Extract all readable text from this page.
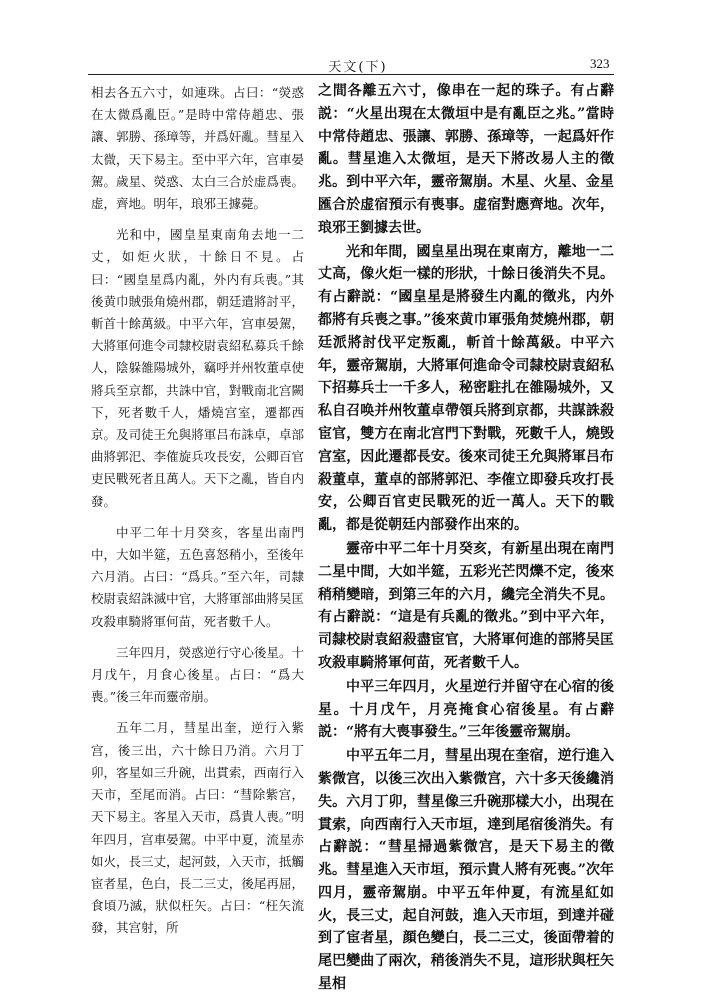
天文(下)	323

相去各五六寸，如連珠。占曰：“熒惑在太微爲亂臣。”是時中常侍趙忠、張讓、郭勝、孫璋等，并爲奸亂。彗星入太微，天下易主。至中平六年，宫車晏駕。歲星、熒惑、太白三合於虚爲喪。虚，齊地。明年，琅邪王據薨。

光和中，國皇星東南角去地一二丈，如炬火狀，十餘日不見。占曰：“國皇星爲内亂，外内有兵喪。”其後黄巾賊張角燒州郡，朝廷遣將討平，斬首十餘萬級。中平六年，宫車晏駕，大將軍何進令司隸校尉袁紹私募兵千餘人，陰躲雒陽城外，竊呼并州牧董卓使將兵至京都，共誅中官，對戰南北宫闕下，死者數千人，燔燒宫室，遷都西京。及司徒王允與將軍吕布誅卓，卓部曲將郭汜、李傕旋兵攻長安，公卿百官吏民戰死者且萬人。天下之亂，皆自内發。

中平二年十月癸亥，客星出南門中，大如半筵，五色喜怒稍小，至後年六月消。占曰：“爲兵。”至六年，司隸校尉袁紹誅滅中官，大將軍部曲將吴匡攻殺車騎將軍何苗，死者數千人。

三年四月，熒惑逆行守心後星。十月戊午，月食心後星。占曰：“爲大喪。”後三年而靈帝崩。

五年二月，彗星出奎，逆行入紫宫，後三出，六十餘日乃消。六月丁卯，客星如三升碗，出貫索，西南行入天市，至尾而消。占曰：“彗除紫宫，天下易主。客星入天市，爲貴人喪。”明年四月，宫車晏駕。中平中夏，流星赤如火，長三丈，起河鼓，入天市，抵觸宦者星，色白，長二三丈，後尾再屈，食頃乃滅，狀似枉矢。占曰：“枉矢流發，其宫射，所

之間各離五六寸，像串在一起的珠子。有占辭説：“火星出現在太微垣中是有亂臣之兆。”當時中常侍趙忠、張讓、郭勝、孫璋等，一起爲奸作亂。彗星進入太微垣，是天下將改易人主的徵兆。到中平六年，靈帝駕崩。木星、火星、金星匯合於虚宿預示有喪事。虚宿對應齊地。次年，琅邪王劉據去世。

光和年間，國皇星出現在東南方，離地一二丈高，像火炬一樣的形狀，十餘日後消失不見。有占辭説：“國皇星是將發生内亂的徵兆，内外都將有兵喪之事。”後來黄巾軍張角焚燒州郡，朝廷派將討伐平定叛亂，斬首十餘萬級。中平六年，靈帝駕崩，大將軍何進命令司隸校尉袁紹私下招募兵士一千多人，秘密駐扎在雒陽城外，又私自召唤并州牧董卓帶領兵將到京都，共謀誅殺宦官，雙方在南北宫門下對戰，死數千人，燒毁宫室，因此遷都長安。後來司徒王允與將軍吕布殺董卓，董卓的部將郭汜、李傕立即發兵攻打長安，公卿百官吏民戰死的近一萬人。天下的戰亂，都是從朝廷内部發作出來的。

靈帝中平二年十月癸亥，有新星出現在南門二星中間，大如半筵，五彩光芒閃爍不定，後來稍稍變暗，到第三年的六月，纔完全消失不見。有占辭説：“這是有兵亂的徵兆。”到中平六年，司隸校尉袁紹殺盡宦官，大將軍何進的部將吴匡攻殺車騎將軍何苗，死者數千人。

中平三年四月，火星逆行并留守在心宿的後星。十月戊午，月亮掩食心宿後星。有占辭説：“將有大喪事發生。”三年後靈帝駕崩。

中平五年二月，彗星出現在奎宿，逆行進入紫微宫，以後三次出入紫微宫，六十多天後纔消失。六月丁卯，彗星像三升碗那樣大小，出現在貫索，向西南行入天市垣，達到尾宿後消失。有占辭説：“彗星掃過紫微宫，是天下易主的徵兆。彗星進入天市垣，預示貴人將有死喪。”次年四月，靈帝駕崩。中平五年仲夏，有流星紅如火，長三丈，起自河鼓，進入天市垣，到達并碰到了宦者星，顔色變白，長二三丈，後面帶着的尾巴變曲了兩次，稍後消失不見，這形狀與枉矢星相
